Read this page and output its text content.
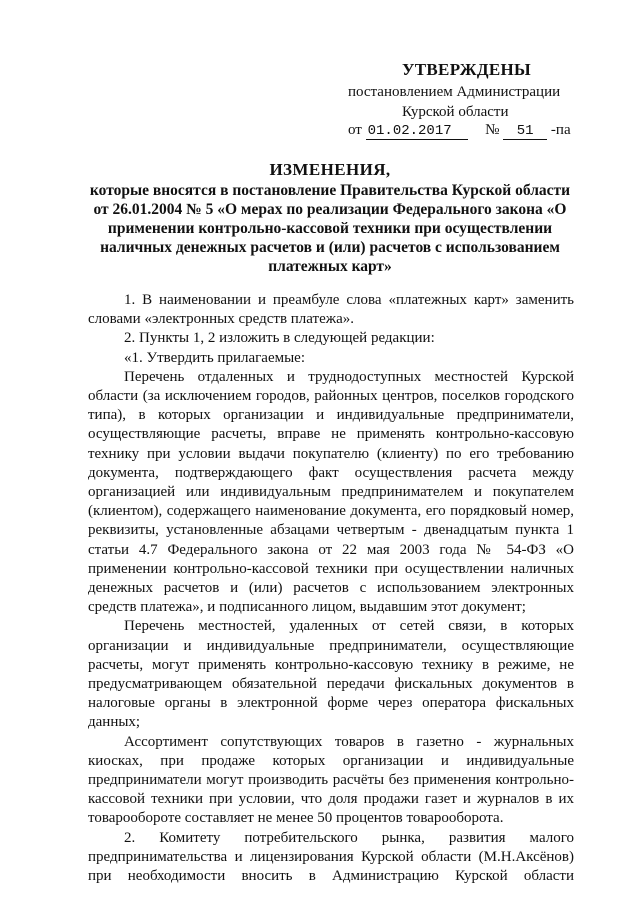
УТВЕРЖДЕНЫ
постановлением Администрации
Курской области
от 01.02.2017 № 51 -па
ИЗМЕНЕНИЯ,
которые вносятся в постановление Правительства Курской области
от 26.01.2004 № 5 «О мерах по реализации Федерального закона «О
применении контрольно-кассовой техники при осуществлении
наличных денежных расчетов и (или) расчетов с использованием
платежных карт»

1. В наименовании и преамбуле слова «платежных карт» заменить словами «электронных средств платежа».

2. Пункты 1, 2 изложить в следующей редакции:

«1. Утвердить прилагаемые:

Перечень отдаленных и труднодоступных местностей Курской области (за исключением городов, районных центров, поселков городского типа), в которых организации и индивидуальные предприниматели, осуществляющие расчеты, вправе не применять контрольно-кассовую технику при условии выдачи покупателю (клиенту) по его требованию документа, подтверждающего факт осуществления расчета между организацией или индивидуальным предпринимателем и покупателем (клиентом), содержащего наименование документа, его порядковый номер, реквизиты, установленные абзацами четвертым - двенадцатым пункта 1 статьи 4.7 Федерального закона от 22 мая 2003 года № 54-ФЗ «О применении контрольно-кассовой техники при осуществлении наличных денежных расчетов и (или) расчетов с использованием электронных средств платежа», и подписанного лицом, выдавшим этот документ;

Перечень местностей, удаленных от сетей связи, в которых организации и индивидуальные предприниматели, осуществляющие расчеты, могут применять контрольно-кассовую технику в режиме, не предусматривающем обязательной передачи фискальных документов в налоговые органы в электронной форме через оператора фискальных данных;

Ассортимент сопутствующих товаров в газетно - журнальных киосках, при продаже которых организации и индивидуальные предприниматели могут производить расчёты без применения контрольно-кассовой техники при условии, что доля продажи газет и журналов в их товарообороте составляет не менее 50 процентов товарооборота.

2. Комитету потребительского рынка, развития малого предпринимательства и лицензирования Курской области (М.Н.Аксёнов) при необходимости вносить в Администрацию Курской области
